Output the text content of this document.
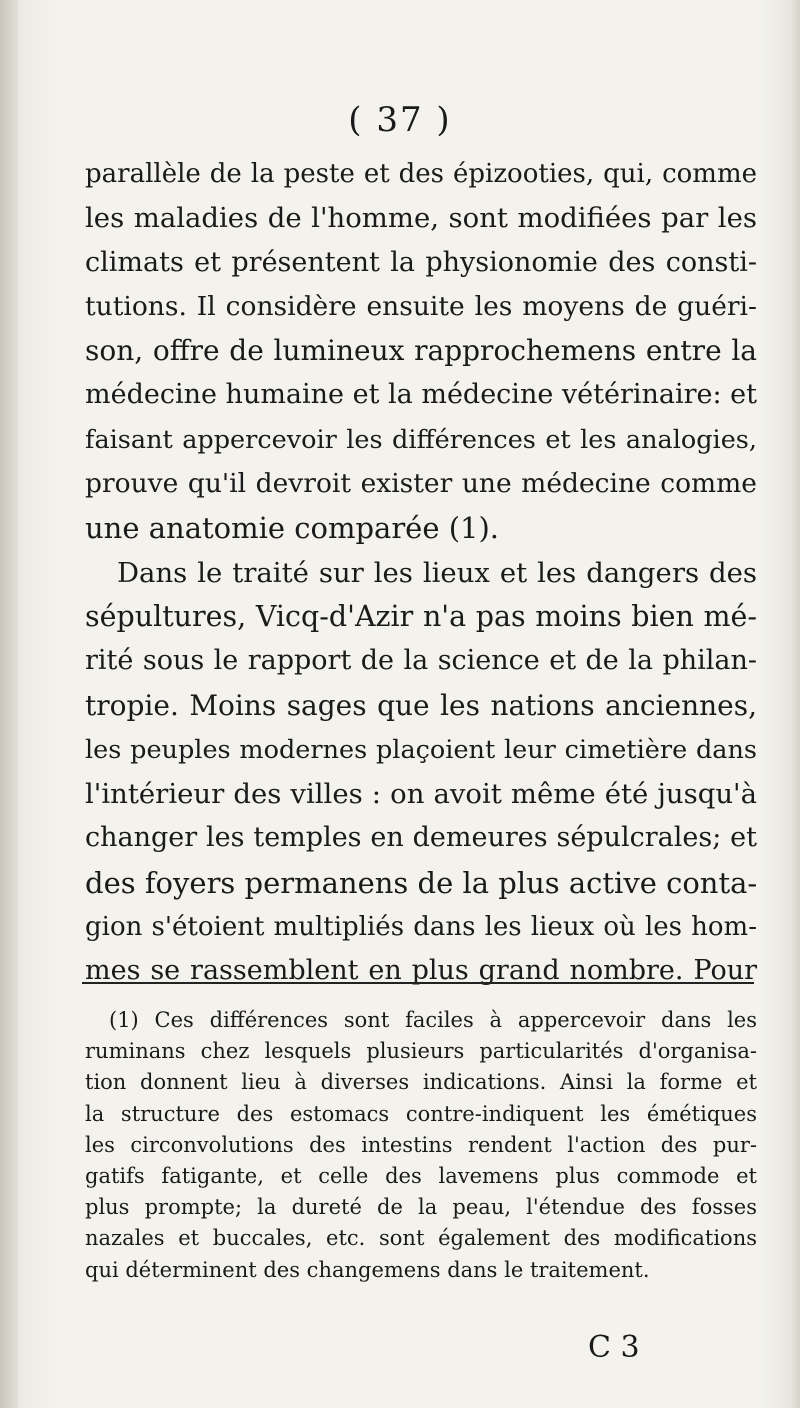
( 37 )
parallèle de la peste et des épizooties, qui, comme
les maladies de l'homme, sont modifiées par les
climats et présentent la physionomie des consti-
tutions. Il considère ensuite les moyens de guéri-
son, offre de lumineux rapprochemens entre la
médecine humaine et la médecine vétérinaire: et
faisant appercevoir les différences et les analogies,
prouve qu'il devroit exister une médecine comme
une anatomie comparée (1).
Dans le traité sur les lieux et les dangers des
sépultures, Vicq-d'Azir n'a pas moins bien mé-
rité sous le rapport de la science et de la philan-
tropie. Moins sages que les nations anciennes,
les peuples modernes plaçoient leur cimetière dans
l'intérieur des villes : on avoit même été jusqu'à
changer les temples en demeures sépulcrales; et
des foyers permanens de la plus active conta-
gion s'étoient multipliés dans les lieux où les hom-
mes se rassemblent en plus grand nombre. Pour
(1) Ces différences sont faciles à appercevoir dans les
ruminans chez lesquels plusieurs particularités d'organisa-
tion donnent lieu à diverses indications. Ainsi la forme et
la structure des estomacs contre-indiquent les émétiques
les circonvolutions des intestins rendent l'action des pur-
gatifs fatigante, et celle des lavemens plus commode et
plus prompte; la dureté de la peau, l'étendue des fosses
nazales et buccales, etc. sont également des modifications
qui déterminent des changemens dans le traitement.
C 3
